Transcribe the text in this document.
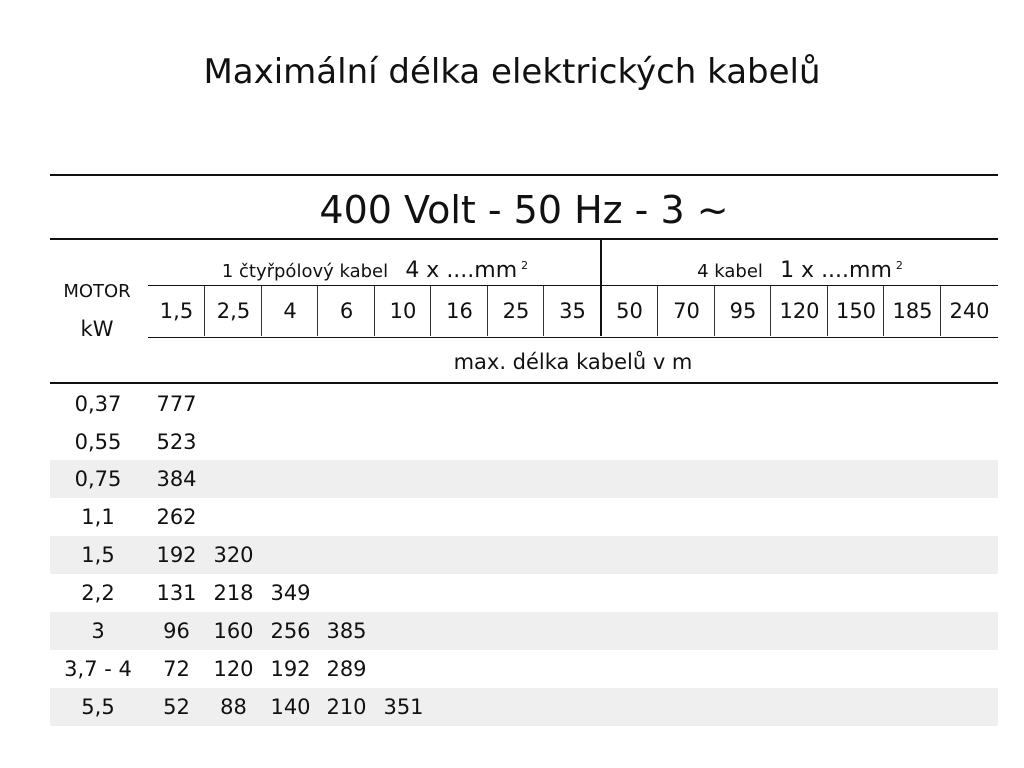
Maximální délka elektrických kabelů
400 Volt - 50 Hz - 3 ~
1 čtyřpólový kabel 4 x ....mm $^2$	4 kabel 1 x ....mm $^2$
MOTOR
kW
1,5	2,5	4	6	10	16	25	35	50	70	95	120 150 185 240
max. délka kabelů v m
0,37	777
0,55	523
0,75	384
1,1	262
1,5	192 320
2,2	131 218 349
3	96	160 256 385
3,7 - 4	72	120 192 289
5,5	52	88	140 210 351
